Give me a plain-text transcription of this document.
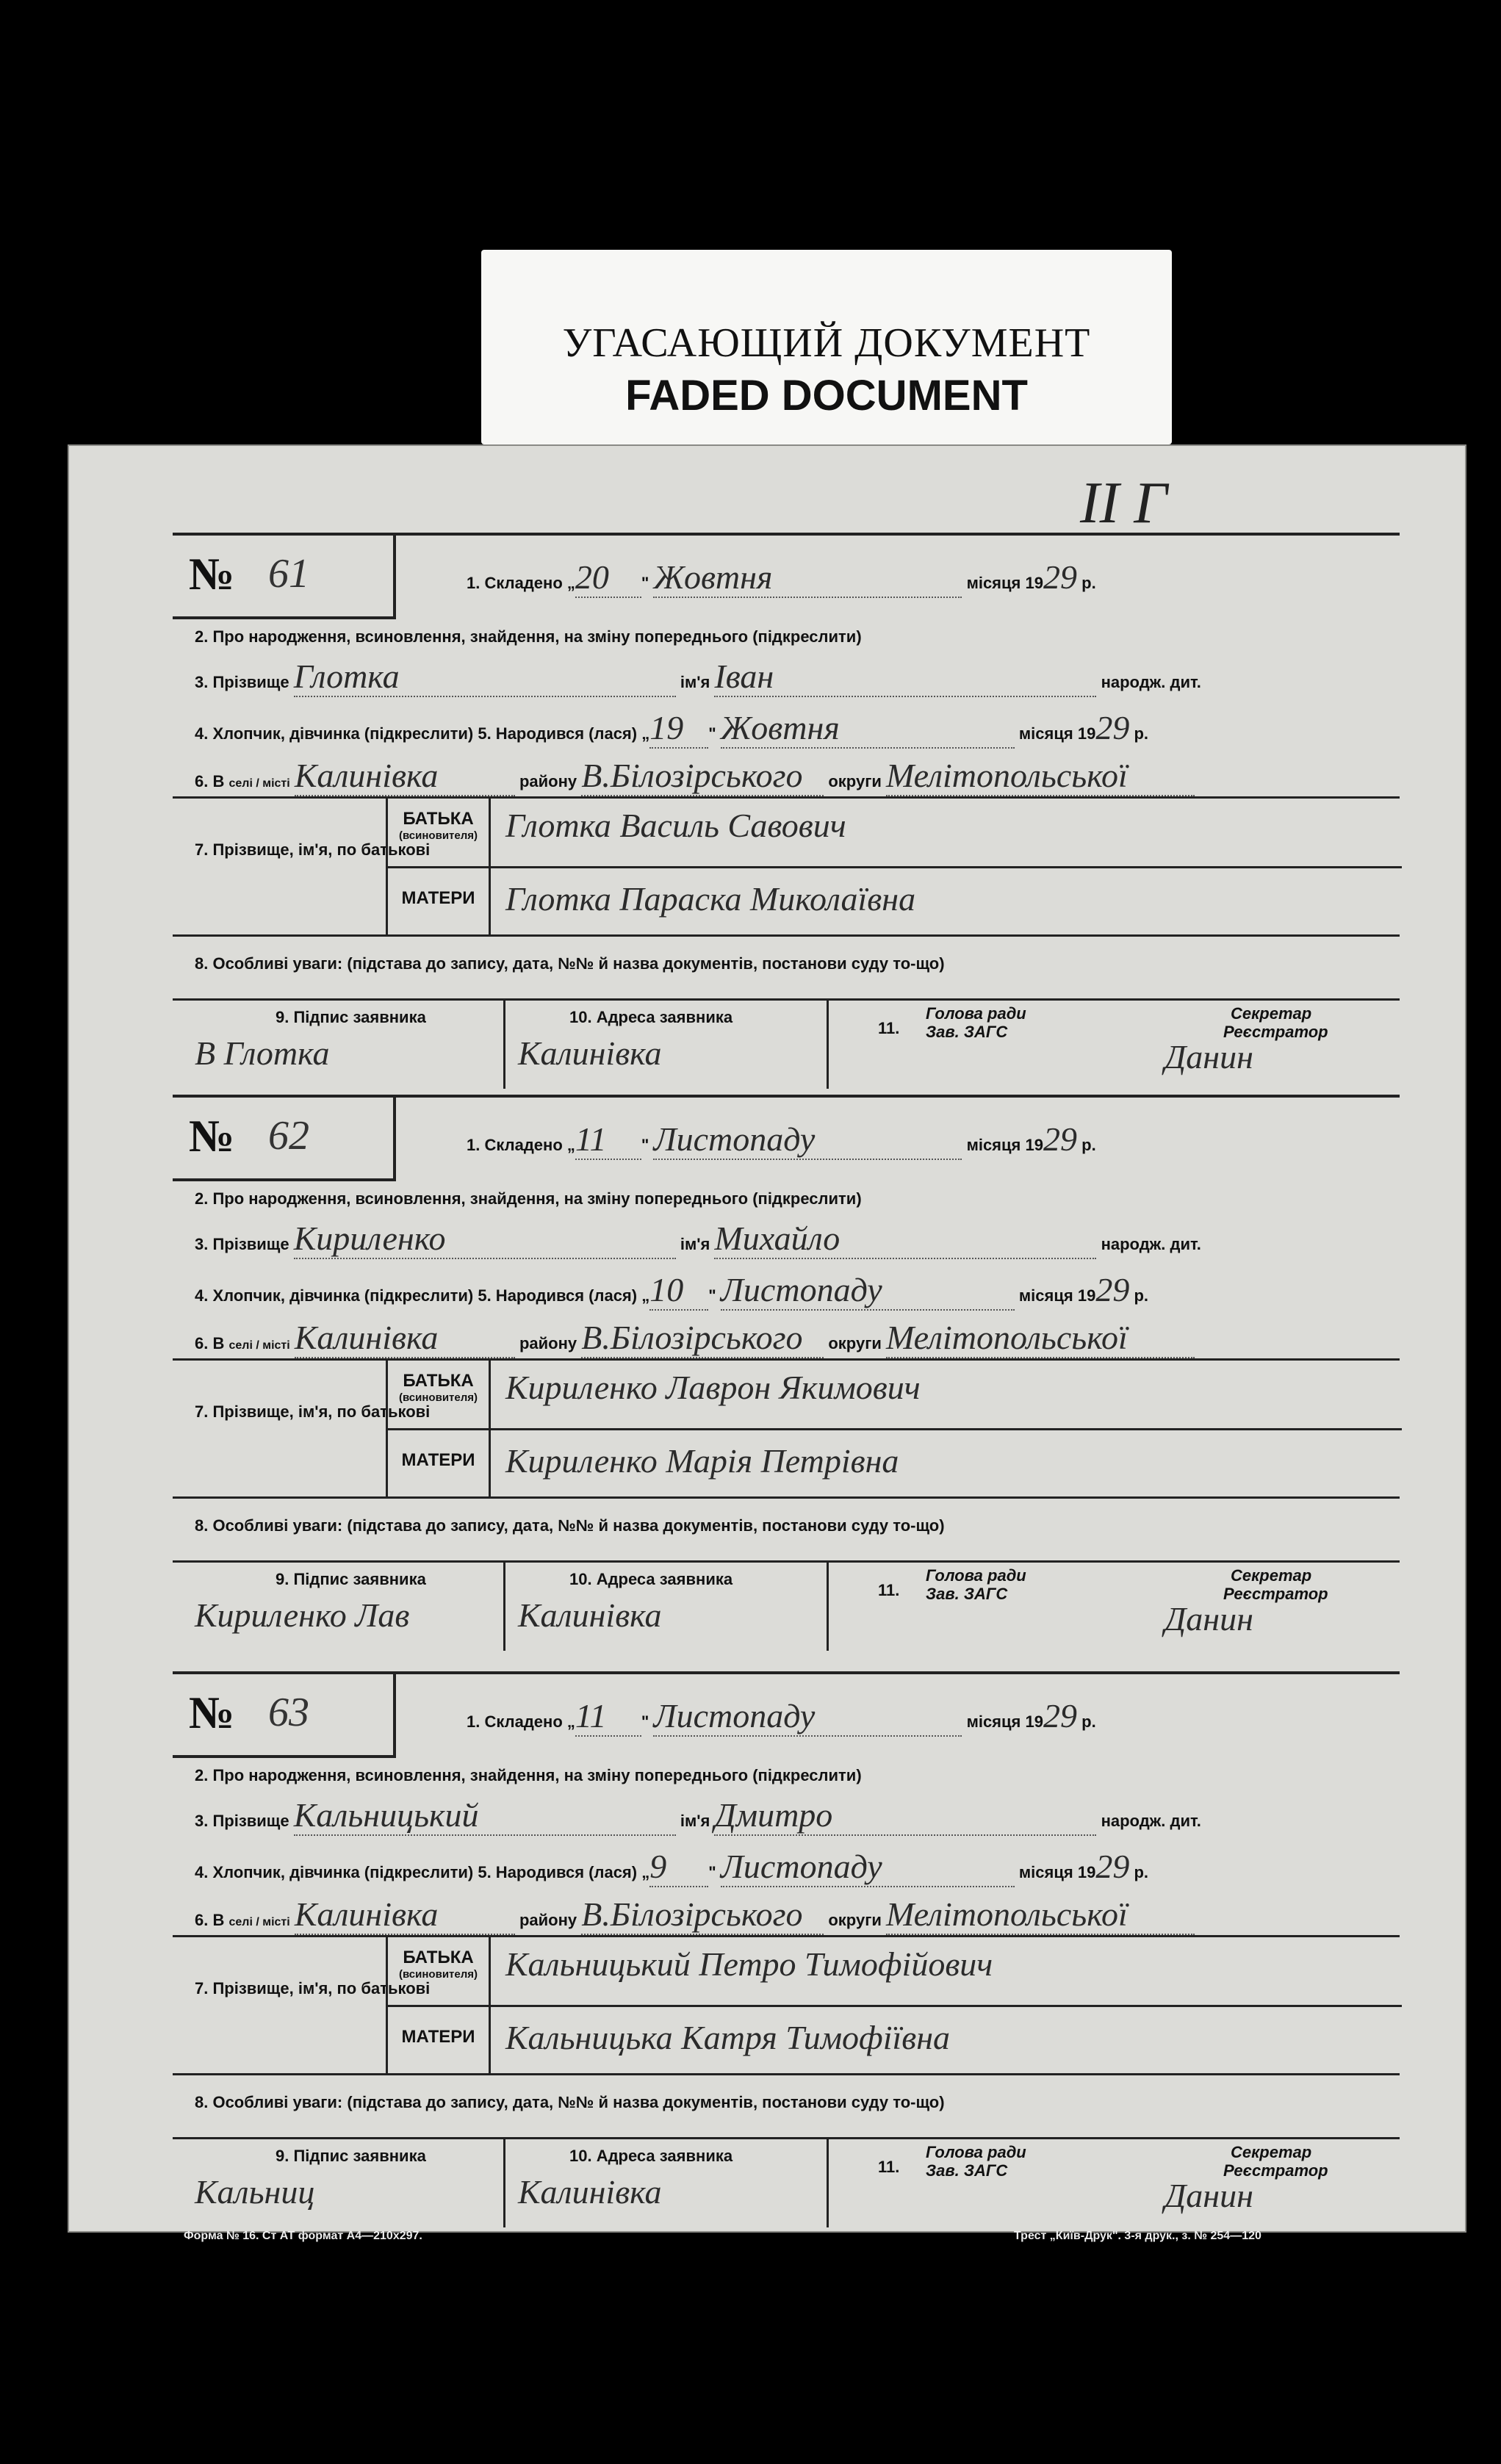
УГАСАЮЩИЙ ДОКУМЕНТ
FADED DOCUMENT
II Г
№ 61	1. Складено „20 " Жовтня	місяця 1929 р.
2. Про народження, всиновлення, знайдення, на зміну попереднього (підкреслити)
3. Прізвище Глотка	ім'я Іван	народж. дит.
4. Хлопчик, дівчинка (підкреслити) 5. Народився (лася) „19 " Жовтня	місяця 1929 р.
6. В селі / місті Калинівка	району В.Білозірського округи Мелітопольської
7. Прізвище, ім'я, по батькові
БАТЬКА
(всиновителя) Глотка Василь Савович
МАТЕРИ Глотка Параска Миколаївна
8. Особливі уваги: (підстава до запису, дата, №№ й назва документів, постанови суду то-що)
9. Підпис заявника
В Глотка
10. Адреса заявника
Калинівка
11.
Голова ради
Зав. ЗАГС
Секретар
Реєстратор
Данин
№ 62	1. Складено „11 " Листопаду	місяця 1929 р.
2. Про народження, всиновлення, знайдення, на зміну попереднього (підкреслити)
3. Прізвище Кириленко	ім'я Михайло	народж. дит.
4. Хлопчик, дівчинка (підкреслити) 5. Народився (лася) „10 " Листопаду	місяця 1929 р.
6. В селі / місті Калинівка	району В.Білозірського округи Мелітопольської
7. Прізвище, ім'я, по батькові
БАТЬКА
(всиновителя) Кириленко Лаврон Якимович
МАТЕРИ Кириленко Марія Петрівна
8. Особливі уваги: (підстава до запису, дата, №№ й назва документів, постанови суду то-що)
9. Підпис заявника
Кириленко Лав
10. Адреса заявника
Калинівка
11.
Голова ради
Зав. ЗАГС
Секретар
Реєстратор
Данин
№ 63	1. Складено „11 " Листопаду	місяця 1929 р.
2. Про народження, всиновлення, знайдення, на зміну попереднього (підкреслити)
3. Прізвище Кальницький	ім'я Дмитро	народж. дит.
4. Хлопчик, дівчинка (підкреслити) 5. Народився (лася) „9	" Листопаду	місяця 1929 р.
6. В селі / місті Калинівка	району В.Білозірського округи Мелітопольської
7. Прізвище, ім'я, по батькові
БАТЬКА
(всиновителя) Кальницький Петро Тимофійович
МАТЕРИ Кальницька Катря Тимофіївна
8. Особливі уваги: (підстава до запису, дата, №№ й назва документів, постанови суду то-що)
9. Підпис заявника
Кальниц
10. Адреса заявника
Калинівка
11.
Голова ради
Зав. ЗАГС
Секретар
Реєстратор
Данин
Форма № 16. Ст АТ формат А4—210х297.	Трест „Київ-Друк". 3-я друк., з. № 254—120
